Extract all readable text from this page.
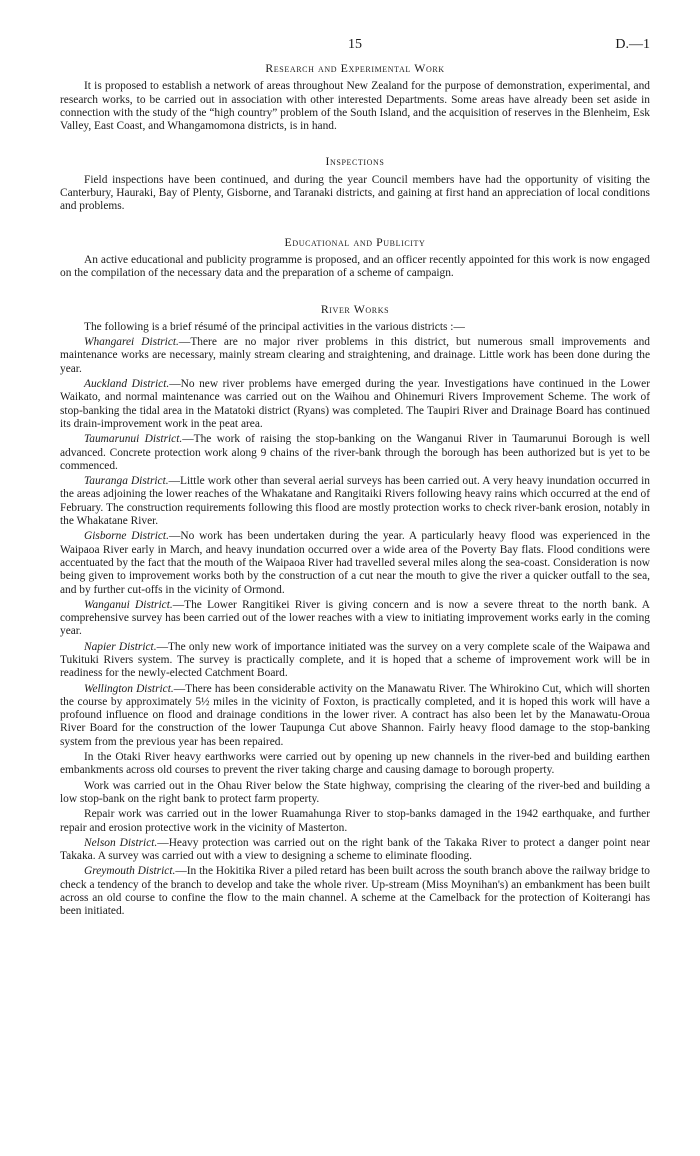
15	D.—1
Research and Experimental Work

It is proposed to establish a network of areas throughout New Zealand for the purpose of demonstration, experimental, and research works, to be carried out in association with other interested Departments. Some areas have already been set aside in connection with the study of the “high country” problem of the South Island, and the acquisition of reserves in the Blenheim, Esk Valley, East Coast, and Whangamomona districts, is in hand.

Inspections

Field inspections have been continued, and during the year Council members have had the opportunity of visiting the Canterbury, Hauraki, Bay of Plenty, Gisborne, and Taranaki districts, and gaining at first hand an appreciation of local conditions and problems.

Educational and Publicity

An active educational and publicity programme is proposed, and an officer recently appointed for this work is now engaged on the compilation of the necessary data and the preparation of a scheme of campaign.

River Works

The following is a brief résumé of the principal activities in the various districts :—

Whangarei District.—There are no major river problems in this district, but numerous small improvements and maintenance works are necessary, mainly stream clearing and straightening, and drainage. Little work has been done during the year.

Auckland District.—No new river problems have emerged during the year. Investigations have continued in the Lower Waikato, and normal maintenance was carried out on the Waihou and Ohinemuri Rivers Improvement Scheme. The work of stop-banking the tidal area in the Matatoki district (Ryans) was completed. The Taupiri River and Drainage Board has continued its drain-improvement work in the peat area.

Taumarunui District.—The work of raising the stop-banking on the Wanganui River in Taumarunui Borough is well advanced. Concrete protection work along 9 chains of the river-bank through the borough has been authorized but is yet to be commenced.

Tauranga District.—Little work other than several aerial surveys has been carried out. A very heavy inundation occurred in the areas adjoining the lower reaches of the Whakatane and Rangitaiki Rivers following heavy rains which occurred at the end of February. The construction requirements following this flood are mostly protection works to check river-bank erosion, notably in the Whakatane River.

Gisborne District.—No work has been undertaken during the year. A particularly heavy flood was experienced in the Waipaoa River early in March, and heavy inundation occurred over a wide area of the Poverty Bay flats. Flood conditions were accentuated by the fact that the mouth of the Waipaoa River had travelled several miles along the sea-coast. Consideration is now being given to improvement works both by the construction of a cut near the mouth to give the river a quicker outfall to the sea, and by further cut-offs in the vicinity of Ormond.

Wanganui District.—The Lower Rangitikei River is giving concern and is now a severe threat to the north bank. A comprehensive survey has been carried out of the lower reaches with a view to initiating improvement works early in the coming year.

Napier District.—The only new work of importance initiated was the survey on a very complete scale of the Waipawa and Tukituki Rivers system. The survey is practically complete, and it is hoped that a scheme of improvement work will be in readiness for the newly-elected Catchment Board.

Wellington District.—There has been considerable activity on the Manawatu River. The Whirokino Cut, which will shorten the course by approximately 5½ miles in the vicinity of Foxton, is practically completed, and it is hoped this work will have a profound influence on flood and drainage conditions in the lower river. A contract has also been let by the Manawatu-Oroua River Board for the construction of the lower Taupunga Cut above Shannon. Fairly heavy flood damage to the stop-banking system from the previous year has been repaired.

In the Otaki River heavy earthworks were carried out by opening up new channels in the river-bed and building earthen embankments across old courses to prevent the river taking charge and causing damage to borough property.

Work was carried out in the Ohau River below the State highway, comprising the clearing of the river-bed and building a low stop-bank on the right bank to protect farm property.

Repair work was carried out in the lower Ruamahunga River to stop-banks damaged in the 1942 earthquake, and further repair and erosion protective work in the vicinity of Masterton.

Nelson District.—Heavy protection was carried out on the right bank of the Takaka River to protect a danger point near Takaka. A survey was carried out with a view to designing a scheme to eliminate flooding.

Greymouth District.—In the Hokitika River a piled retard has been built across the south branch above the railway bridge to check a tendency of the branch to develop and take the whole river. Up-stream (Miss Moynihan's) an embankment has been built across an old course to confine the flow to the main channel. A scheme at the Camelback for the protection of Koiterangi has been initiated.
